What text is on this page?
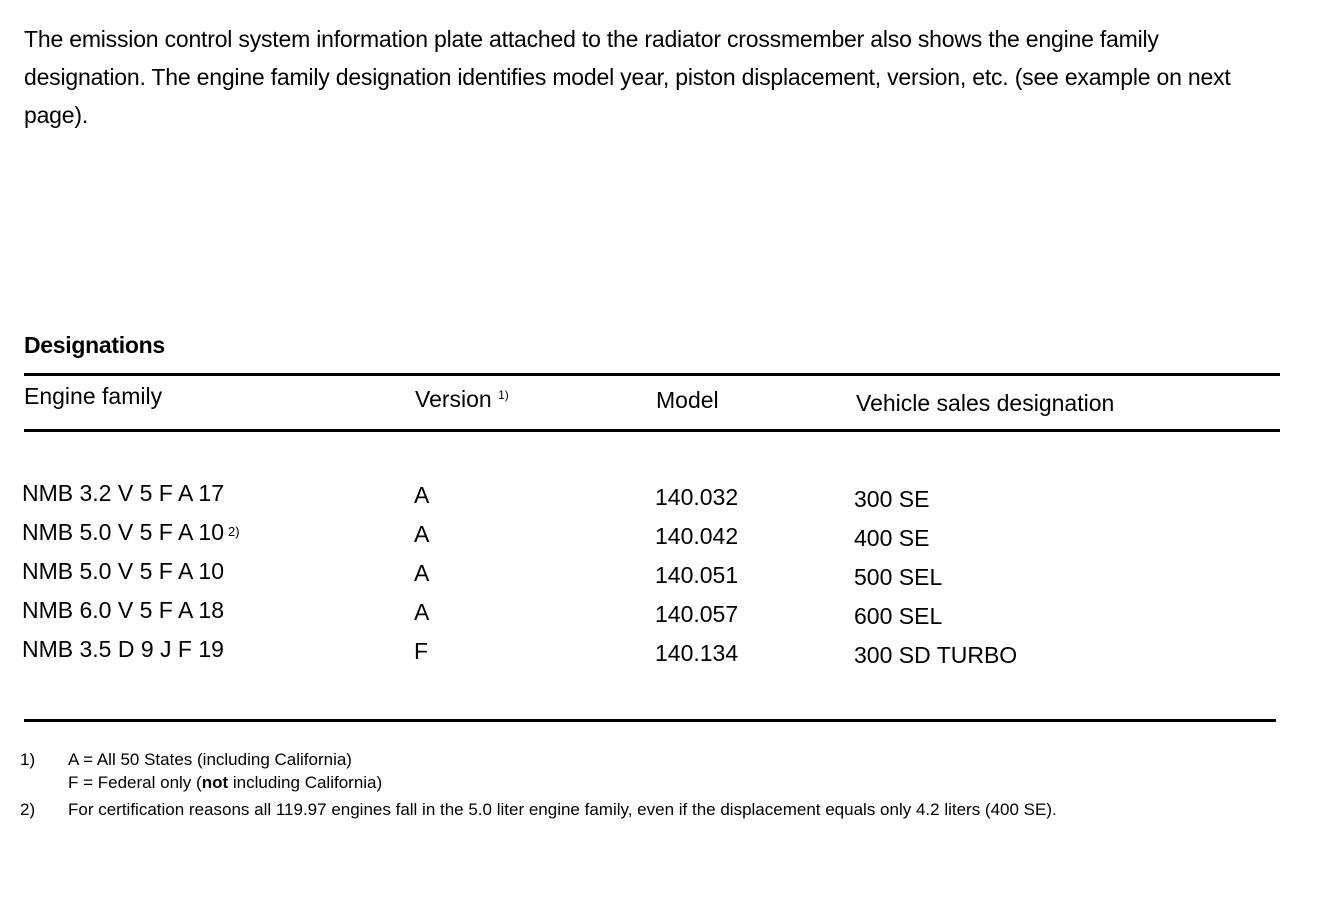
The emission control system information plate attached to the radiator crossmember also shows the engine family designation. The engine family designation identifies model year, piston displacement, version, etc. (see example on next page).

Designations
Engine family	Version $^{1)}$	Model	Vehicle sales designation
NMB 3.2 V 5 F A 17	A	140.032	300 SE
NMB 5.0 V 5 F A 10 $^{2)}$	A	140.042	400 SE
NMB 5.0 V 5 F A 10	A	140.051	500 SEL
NMB 6.0 V 5 F A 18	A	140.057	600 SEL
NMB 3.5 D 9 J F 19	F	140.134	300 SD TURBO
1) A = All 50 States (including California)
F = Federal only (not including California)
2) For certification reasons all 119.97 engines fall in the 5.0 liter engine family, even if the displacement equals only 4.2 liters (400 SE).
